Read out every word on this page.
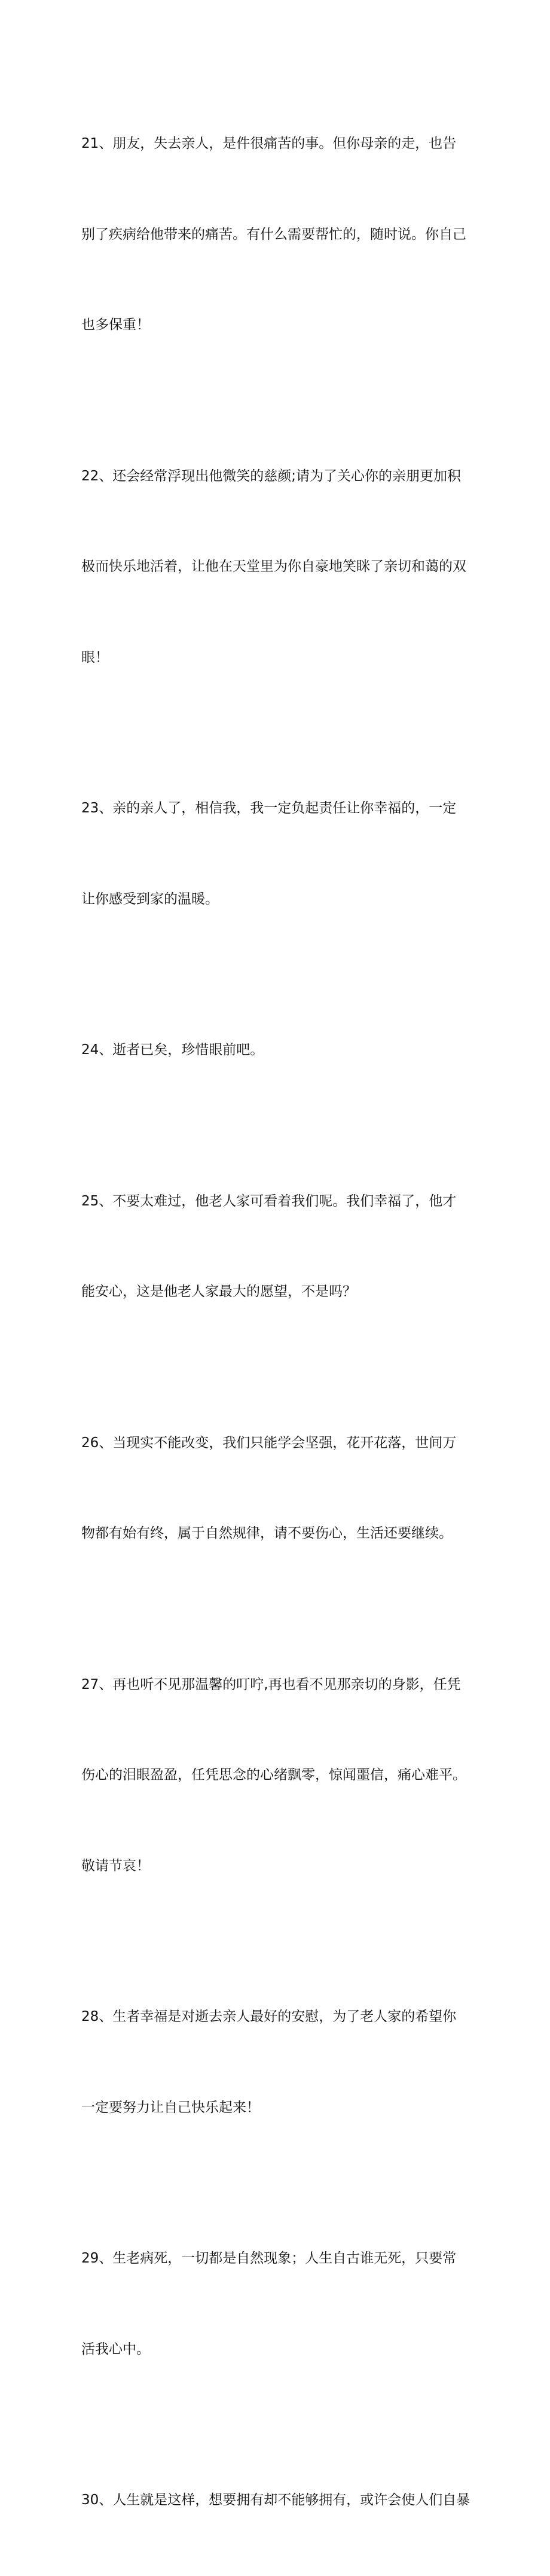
21、朋友，失去亲人，是件很痛苦的事。但你母亲的走，也告

别了疾病给他带来的痛苦。有什么需要帮忙的，随时说。你自己

也多保重！

22、还会经常浮现出他微笑的慈颜;请为了关心你的亲朋更加积

极而快乐地活着，让他在天堂里为你自豪地笑眯了亲切和蔼的双

眼！

23、亲的亲人了，相信我，我一定负起责任让你幸福的，一定

让你感受到家的温暖。

24、逝者已矣，珍惜眼前吧。

25、不要太难过，他老人家可看着我们呢。我们幸福了，他才

能安心，这是他老人家最大的愿望，不是吗？

26、当现实不能改变，我们只能学会坚强，花开花落，世间万

物都有始有终，属于自然规律，请不要伤心，生活还要继续。

27、再也听不见那温馨的叮咛,再也看不见那亲切的身影，任凭

伤心的泪眼盈盈，任凭思念的心绪飘零，惊闻噩信，痛心难平。

敬请节哀！

28、生者幸福是对逝去亲人最好的安慰，为了老人家的希望你

一定要努力让自己快乐起来！

29、生老病死，一切都是自然现象；人生自古谁无死，只要常

活我心中。

30、人生就是这样，想要拥有却不能够拥有，或许会使人们自暴
